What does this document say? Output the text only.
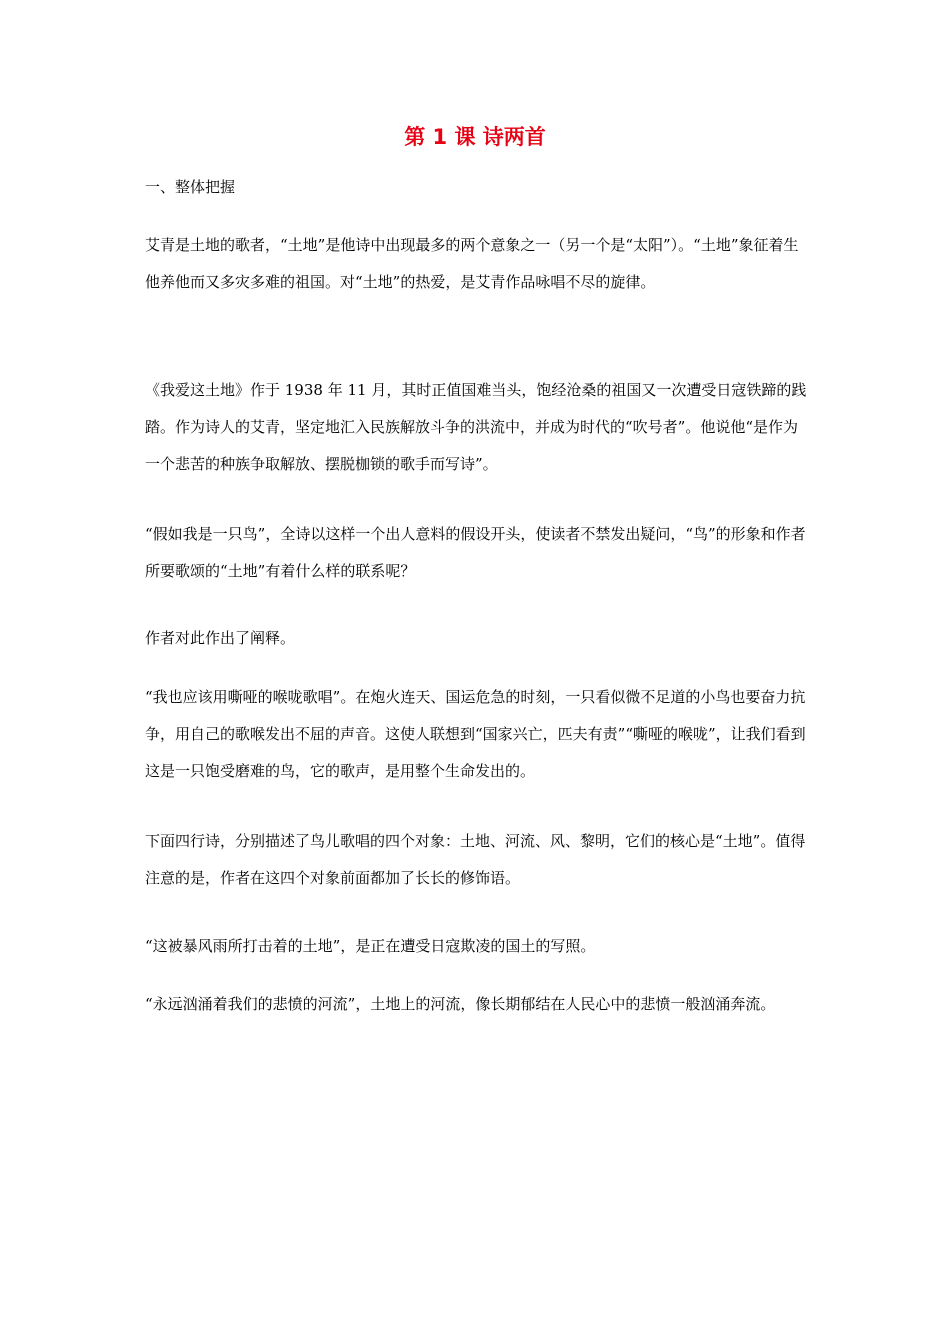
第 1 课 诗两首
一、整体把握

艾青是土地的歌者，“土地”是他诗中出现最多的两个意象之一（另一个是“太阳”）。“土地”象征着生他养他而又多灾多难的祖国。对“土地”的热爱，是艾青作品咏唱不尽的旋律。

《我爱这土地》作于 1938 年 11 月，其时正值国难当头，饱经沧桑的祖国又一次遭受日寇铁蹄的践踏。作为诗人的艾青，坚定地汇入民族解放斗争的洪流中，并成为时代的“吹号者”。他说他“是作为一个悲苦的种族争取解放、摆脱枷锁的歌手而写诗”。

“假如我是一只鸟”，全诗以这样一个出人意料的假设开头，使读者不禁发出疑问，“鸟”的形象和作者所要歌颂的“土地”有着什么样的联系呢？

作者对此作出了阐释。

“我也应该用嘶哑的喉咙歌唱”。在炮火连天、国运危急的时刻，一只看似微不足道的小鸟也要奋力抗争，用自己的歌喉发出不屈的声音。这使人联想到“国家兴亡，匹夫有责”“嘶哑的喉咙”，让我们看到这是一只饱受磨难的鸟，它的歌声，是用整个生命发出的。

下面四行诗，分别描述了鸟儿歌唱的四个对象：土地、河流、风、黎明，它们的核心是“土地”。值得注意的是，作者在这四个对象前面都加了长长的修饰语。

“这被暴风雨所打击着的土地”，是正在遭受日寇欺凌的国土的写照。

“永远汹涌着我们的悲愤的河流”，土地上的河流，像长期郁结在人民心中的悲愤一般汹涌奔流。
